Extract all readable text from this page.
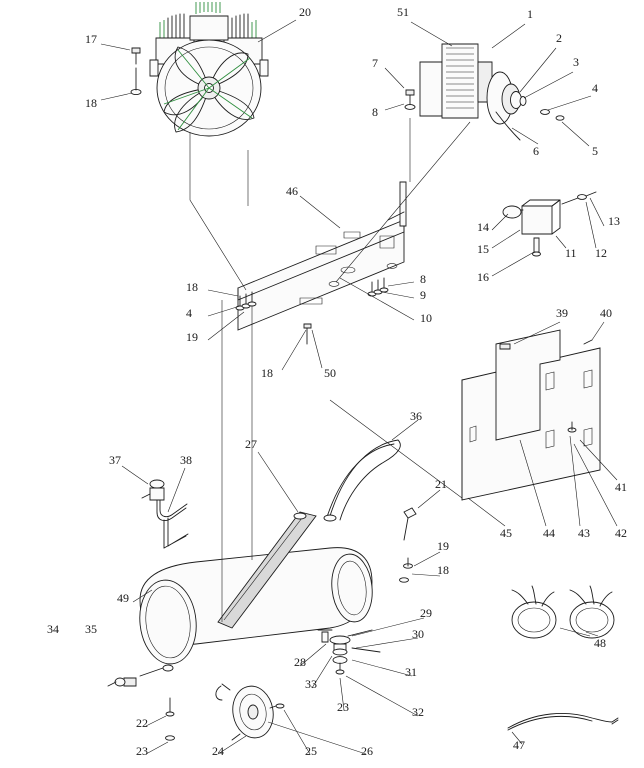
20
17
18
51	1
2
3
4
5
6
7
8
46
14
15
16
11 12
13
18
4
19
8
9
10
18	50
39	40
41
42
43
44
45
36
27
37	38
21
19
18
49
34 35
29
30
31
32
28
33
23
22
23	24	25	26
48
47
